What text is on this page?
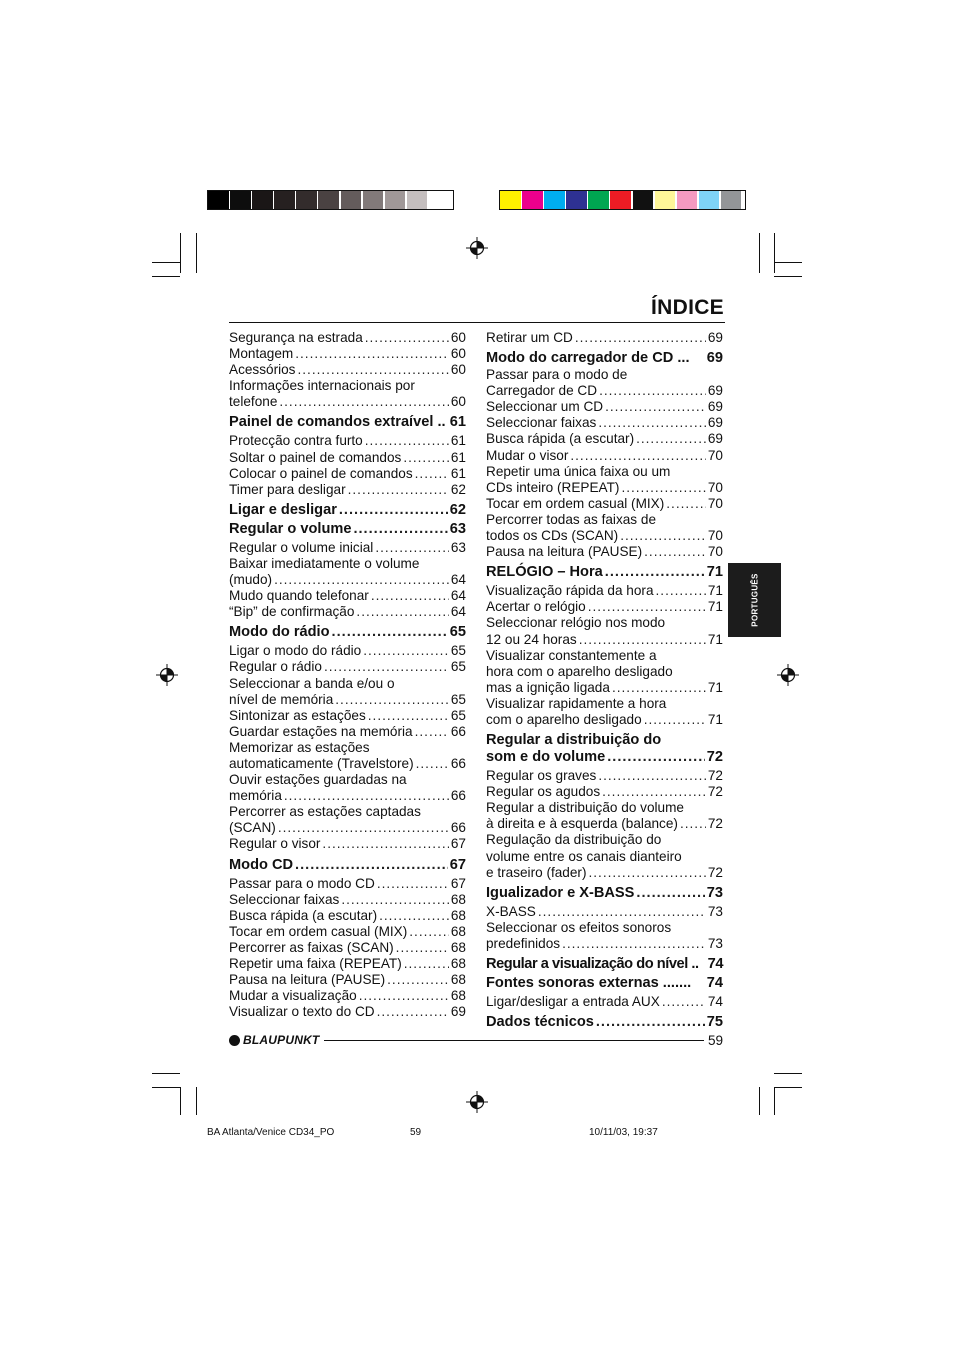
ÍNDICE
Segurança na estrada .....	60
Montagem .....	60
Acessórios .....	60
Informações internacionais por
telefone .....	60
Painel de comandos extraível .. 61
Protecção contra furto .....	61
Soltar o painel de comandos .....	61
Colocar o painel de comandos .....	61
Timer para desligar .....	62
Ligar e desligar .....	62
Regular o volume .....	63
Regular o volume inicial .....	63
Baixar imediatamente o volume
(mudo) .....	64
Mudo quando telefonar .....	64
“Bip” de confirmação .....	64
Modo do rádio .....	65
Ligar o modo do rádio .....	65
Regular o rádio .....	65
Seleccionar a banda e/ou o
nível de memória .....	65
Sintonizar as estações .....	65
Guardar estações na memória .....	66
Memorizar as estações
automaticamente (Travelstore) .....	66
Ouvir estações guardadas na
memória .....	66
Percorrer as estações captadas
(SCAN) .....	66
Regular o visor .....	67
Modo CD .....	67
Passar para o modo CD .....	67
Seleccionar faixas .....	68
Busca rápida (a escutar) .....	68
Tocar em ordem casual (MIX) .....	68
Percorrer as faixas (SCAN) .....	68
Repetir uma faixa (REPEAT) .....	68
Pausa na leitura (PAUSE) .....	68
Mudar a visualização .....	68
Visualizar o texto do CD .....	69
Retirar um CD .....	69
Modo do carregador de CD ... 69
Passar para o modo de
Carregador de CD .....	69
Seleccionar um CD .....	69
Seleccionar faixas .....	69
Busca rápida (a escutar) .....	69
Mudar o visor .....	70
Repetir uma única faixa ou um
CDs inteiro (REPEAT) .....	70
Tocar em ordem casual (MIX) .....	70
Percorrer todas as faixas de
todos os CDs (SCAN) .....	70
Pausa na leitura (PAUSE) .....	70
RELÓGIO – Hora .....	71
Visualização rápida da hora .....	71
Acertar o relógio .....	71
Seleccionar relógio nos modo
12 ou 24 horas .....	71
Visualizar constantemente a
hora com o aparelho desligado
mas a ignição ligada .....	71
Visualizar rapidamente a hora
com o aparelho desligado .....	71
Regular a distribuição do
som e do volume .....	72
Regular os graves .....	72
Regular os agudos .....	72
Regular a distribuição do volume
à direita e à esquerda (balance) ..... 72
Regulação da distribuição do
volume entre os canais dianteiro
e traseiro (fader) .....	72
Igualizador e X-BASS .....	73
X-BASS .....	73
Seleccionar os efeitos sonoros
predefinidos .....	73
Regular a visualização do nível .. 74
Fontes sonoras externas ....... 74
Ligar/desligar a entrada AUX .....	74
Dados técnicos .....	75
PORTUGUÊS
BLAUPUNKT	59
BA Atlanta/Venice CD34_PO	59	10/11/03, 19:37
